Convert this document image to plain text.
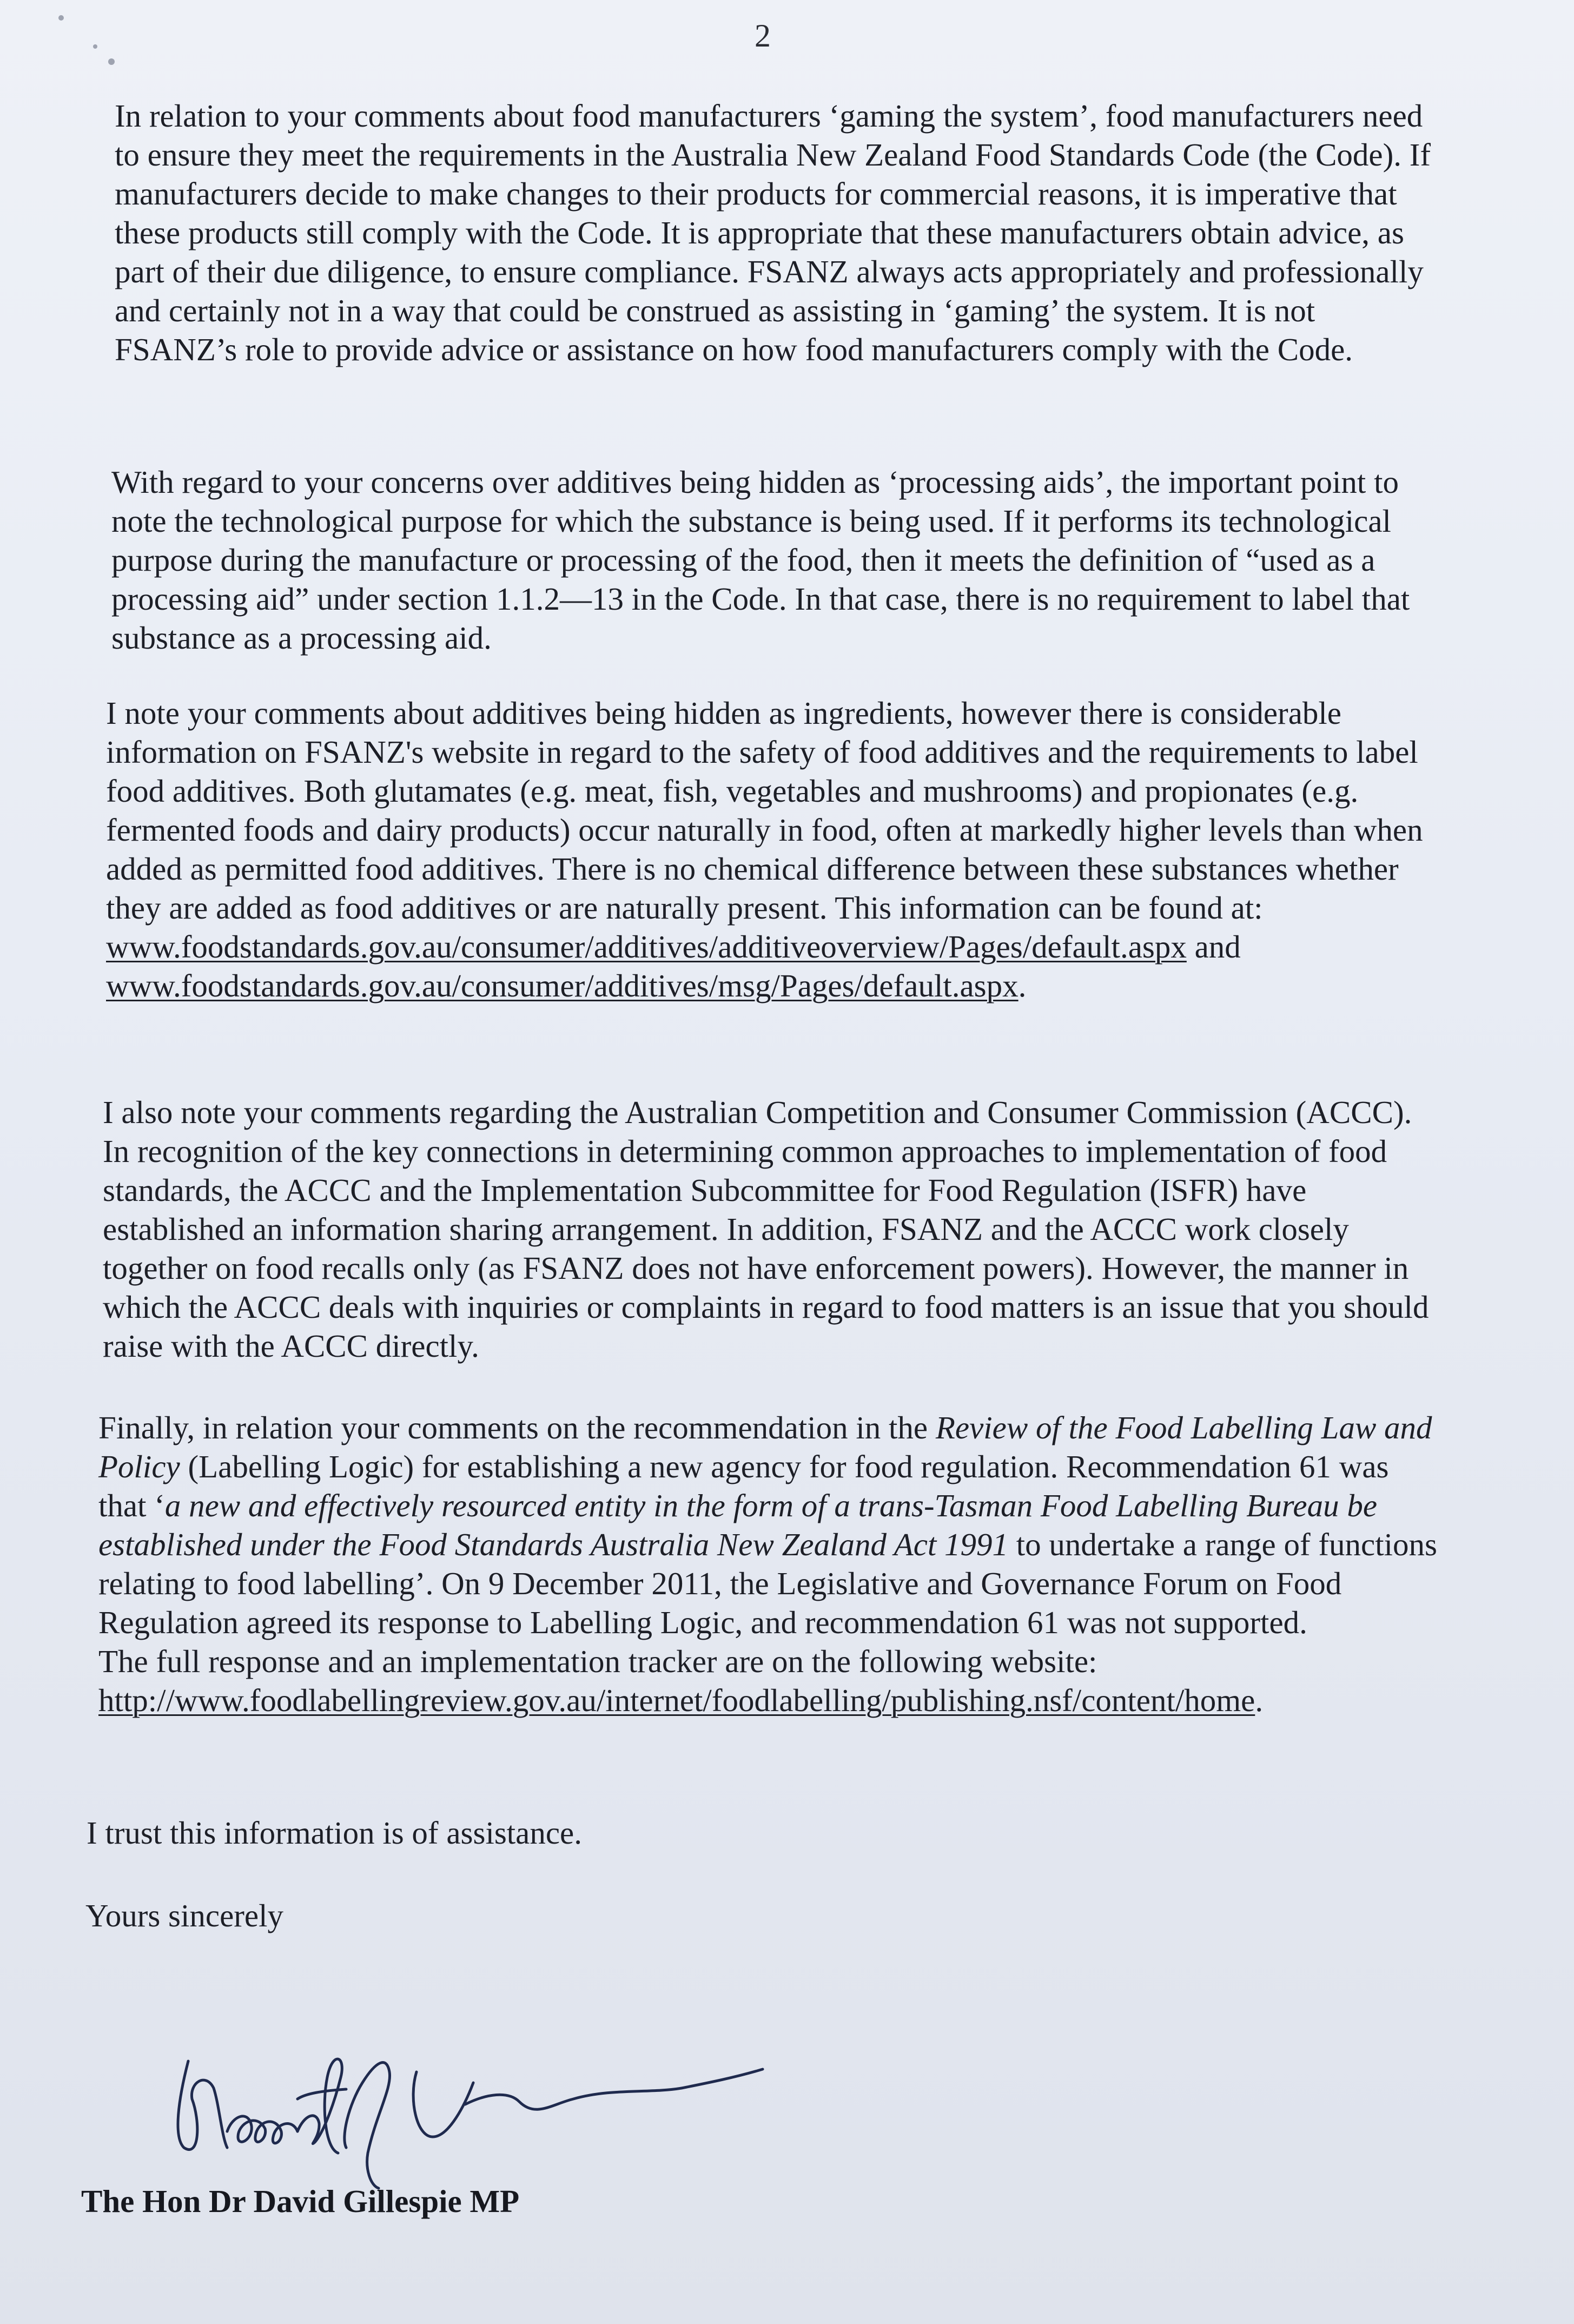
2

In relation to your comments about food manufacturers ‘gaming the system’, food manufacturers need to ensure they meet the requirements in the Australia New Zealand Food Standards Code (the Code). If manufacturers decide to make changes to their products for commercial reasons, it is imperative that these products still comply with the Code. It is appropriate that these manufacturers obtain advice, as part of their due diligence, to ensure compliance. FSANZ always acts appropriately and professionally and certainly not in a way that could be construed as assisting in ‘gaming’ the system. It is not FSANZ’s role to provide advice or assistance on how food manufacturers comply with the Code.

With regard to your concerns over additives being hidden as ‘processing aids’, the important point to note the technological purpose for which the substance is being used. If it performs its technological purpose during the manufacture or processing of the food, then it meets the definition of “used as a processing aid” under section 1.1.2—13 in the Code. In that case, there is no requirement to label that substance as a processing aid.

I note your comments about additives being hidden as ingredients, however there is considerable information on FSANZ's website in regard to the safety of food additives and the requirements to label food additives. Both glutamates (e.g. meat, fish, vegetables and mushrooms) and propionates (e.g. fermented foods and dairy products) occur naturally in food, often at markedly higher levels than when added as permitted food additives. There is no chemical difference between these substances whether they are added as food additives or are naturally present. This information can be found at:
www.foodstandards.gov.au/consumer/additives/additiveoverview/Pages/default.aspx and
www.foodstandards.gov.au/consumer/additives/msg/Pages/default.aspx.

I also note your comments regarding the Australian Competition and Consumer Commission (ACCC). In recognition of the key connections in determining common approaches to implementation of food standards, the ACCC and the Implementation Subcommittee for Food Regulation (ISFR) have established an information sharing arrangement. In addition, FSANZ and the ACCC work closely together on food recalls only (as FSANZ does not have enforcement powers). However, the manner in which the ACCC deals with inquiries or complaints in regard to food matters is an issue that you should raise with the ACCC directly.

Finally, in relation your comments on the recommendation in the Review of the Food Labelling Law and Policy (Labelling Logic) for establishing a new agency for food regulation. Recommendation 61 was that ‘a new and effectively resourced entity in the form of a trans-Tasman Food Labelling Bureau be established under the Food Standards Australia New Zealand Act 1991 to undertake a range of functions relating to food labelling’. On 9 December 2011, the Legislative and Governance Forum on Food Regulation agreed its response to Labelling Logic, and recommendation 61 was not supported.
The full response and an implementation tracker are on the following website:
http://www.foodlabellingreview.gov.au/internet/foodlabelling/publishing.nsf/content/home.

I trust this information is of assistance.

Yours sincerely

The Hon Dr David Gillespie MP
